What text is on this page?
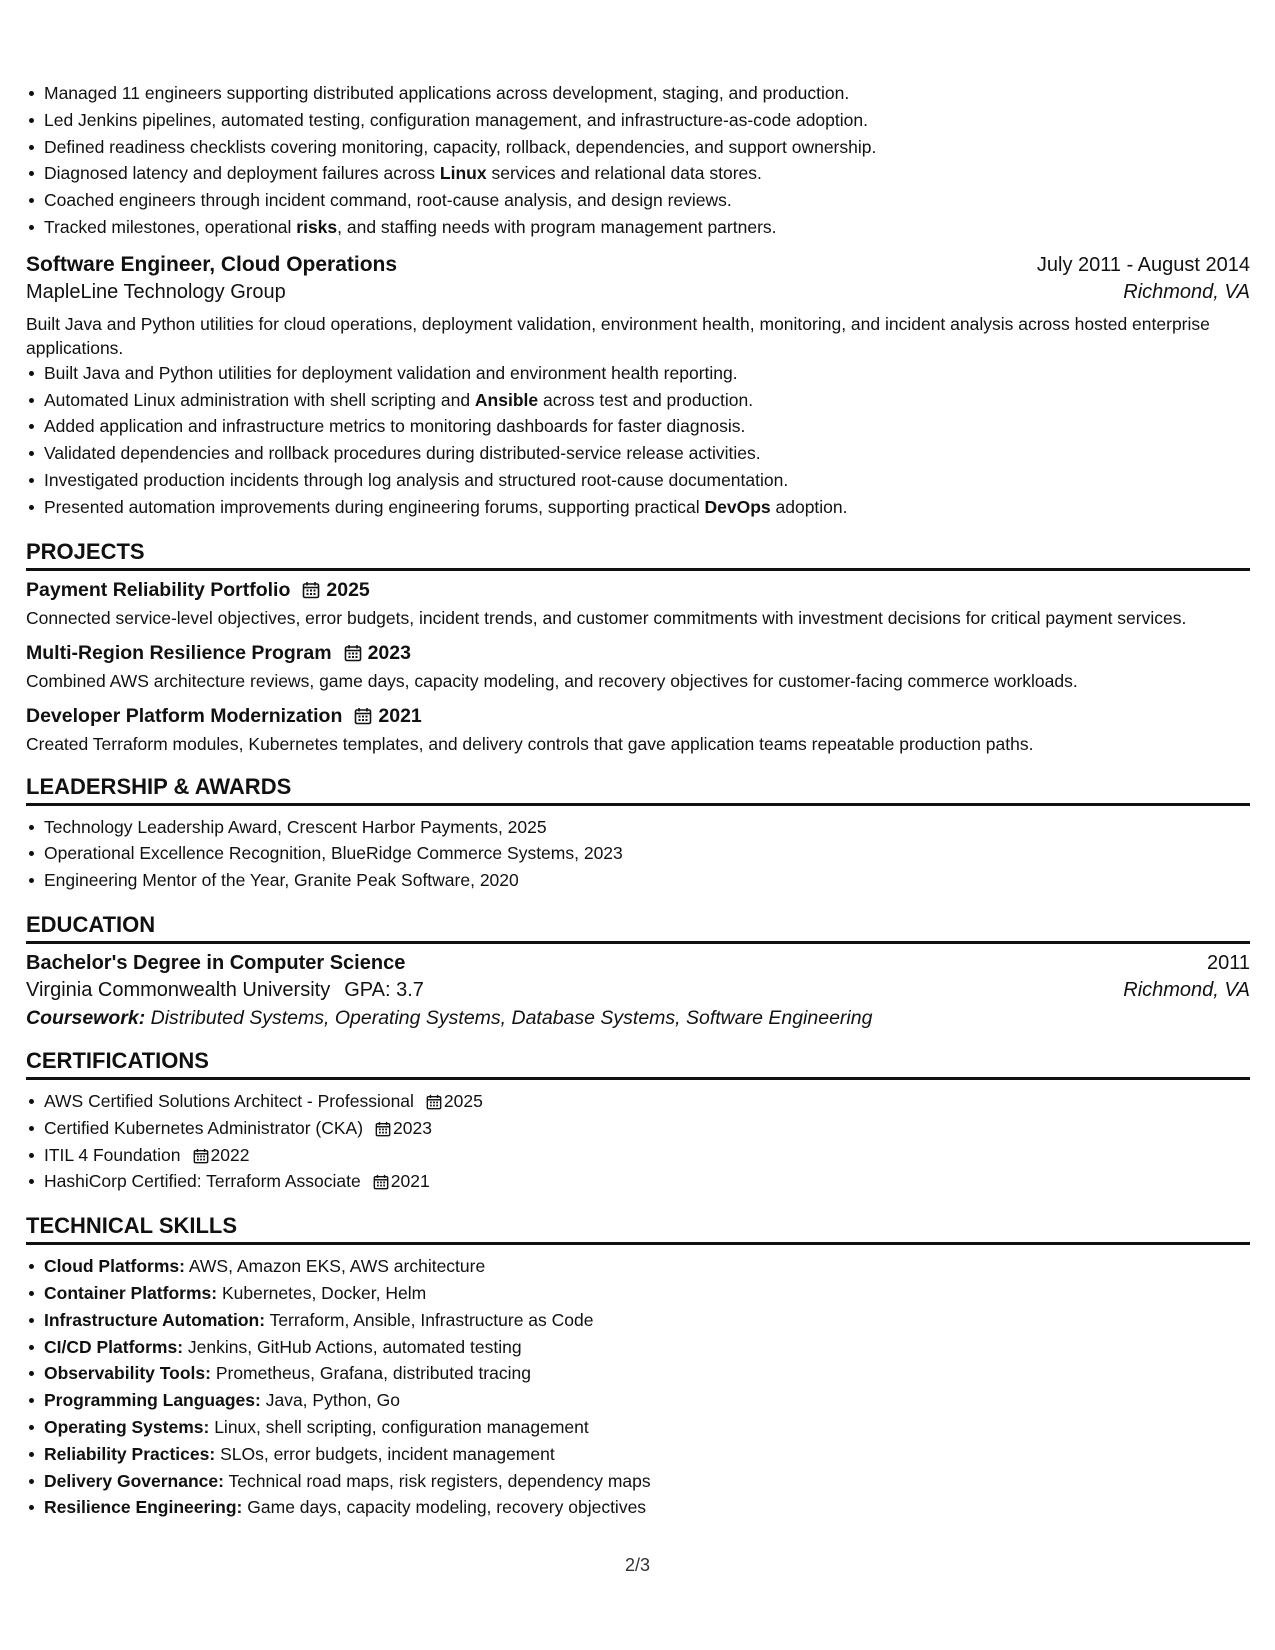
Managed 11 engineers supporting distributed applications across development, staging, and production.
Led Jenkins pipelines, automated testing, configuration management, and infrastructure-as-code adoption.
Defined readiness checklists covering monitoring, capacity, rollback, dependencies, and support ownership.
Diagnosed latency and deployment failures across Linux services and relational data stores.
Coached engineers through incident command, root-cause analysis, and design reviews.
Tracked milestones, operational risks, and staffing needs with program management partners.
Software Engineer, Cloud Operations	July 2011 - August 2014
MapleLine Technology Group	Richmond, VA
Built Java and Python utilities for cloud operations, deployment validation, environment health, monitoring, and incident analysis across hosted enterprise applications.
Built Java and Python utilities for deployment validation and environment health reporting.
Automated Linux administration with shell scripting and Ansible across test and production.
Added application and infrastructure metrics to monitoring dashboards for faster diagnosis.
Validated dependencies and rollback procedures during distributed-service release activities.
Investigated production incidents through log analysis and structured root-cause documentation.
Presented automation improvements during engineering forums, supporting practical DevOps adoption.
PROJECTS
Payment Reliability Portfolio 2025
Connected service-level objectives, error budgets, incident trends, and customer commitments with investment decisions for critical payment services.
Multi-Region Resilience Program 2023
Combined AWS architecture reviews, game days, capacity modeling, and recovery objectives for customer-facing commerce workloads.
Developer Platform Modernization 2021
Created Terraform modules, Kubernetes templates, and delivery controls that gave application teams repeatable production paths.
LEADERSHIP & AWARDS
Technology Leadership Award, Crescent Harbor Payments, 2025
Operational Excellence Recognition, BlueRidge Commerce Systems, 2023
Engineering Mentor of the Year, Granite Peak Software, 2020
EDUCATION
Bachelor's Degree in Computer Science	2011
Virginia Commonwealth University GPA: 3.7	Richmond, VA
Coursework: Distributed Systems, Operating Systems, Database Systems, Software Engineering
CERTIFICATIONS
AWS Certified Solutions Architect - Professional 2025
Certified Kubernetes Administrator (CKA) 2023
ITIL 4 Foundation 2022
HashiCorp Certified: Terraform Associate 2021
TECHNICAL SKILLS
Cloud Platforms: AWS, Amazon EKS, AWS architecture
Container Platforms: Kubernetes, Docker, Helm
Infrastructure Automation: Terraform, Ansible, Infrastructure as Code
CI/CD Platforms: Jenkins, GitHub Actions, automated testing
Observability Tools: Prometheus, Grafana, distributed tracing
Programming Languages: Java, Python, Go
Operating Systems: Linux, shell scripting, configuration management
Reliability Practices: SLOs, error budgets, incident management
Delivery Governance: Technical road maps, risk registers, dependency maps
Resilience Engineering: Game days, capacity modeling, recovery objectives
2/3
